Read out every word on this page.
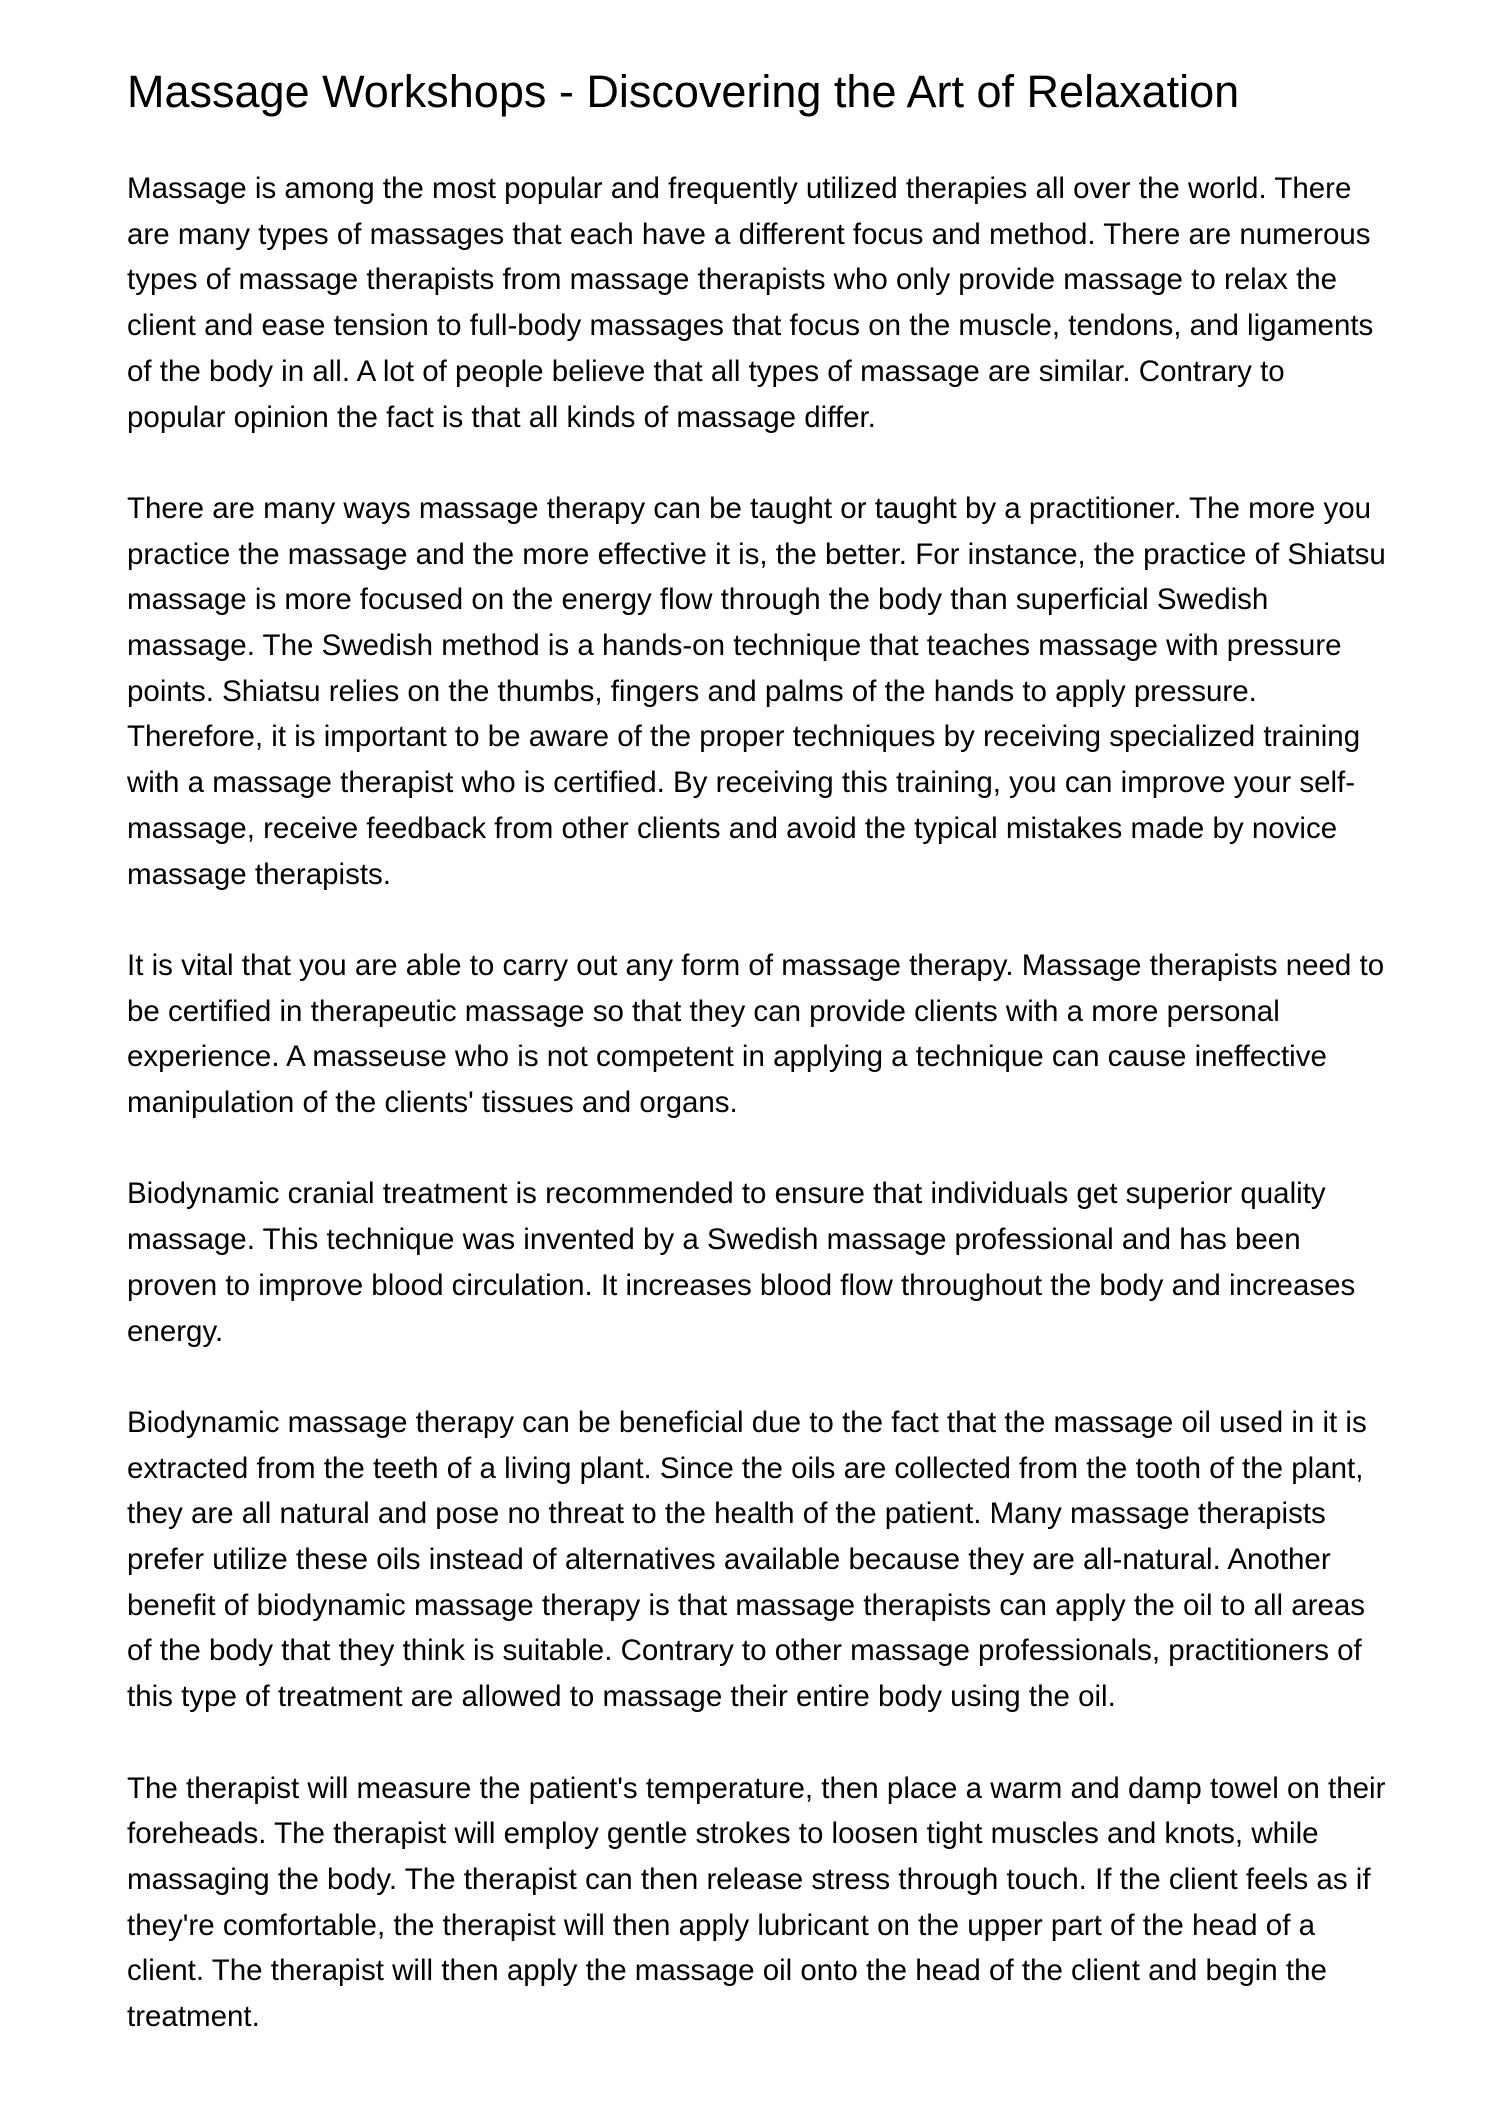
Massage Workshops - Discovering the Art of Relaxation

Massage is among the most popular and frequently utilized therapies all over the world. There are many types of massages that each have a different focus and method. There are numerous types of massage therapists from massage therapists who only provide massage to relax the client and ease tension to full-body massages that focus on the muscle, tendons, and ligaments of the body in all. A lot of people believe that all types of massage are similar. Contrary to popular opinion the fact is that all kinds of massage differ.

There are many ways massage therapy can be taught or taught by a practitioner. The more you practice the massage and the more effective it is, the better. For instance, the practice of Shiatsu massage is more focused on the energy flow through the body than superficial Swedish massage. The Swedish method is a hands-on technique that teaches massage with pressure points. Shiatsu relies on the thumbs, fingers and palms of the hands to apply pressure. Therefore, it is important to be aware of the proper techniques by receiving specialized training with a massage therapist who is certified. By receiving this training, you can improve your self-massage, receive feedback from other clients and avoid the typical mistakes made by novice massage therapists.

It is vital that you are able to carry out any form of massage therapy. Massage therapists need to be certified in therapeutic massage so that they can provide clients with a more personal experience. A masseuse who is not competent in applying a technique can cause ineffective manipulation of the clients' tissues and organs.

Biodynamic cranial treatment is recommended to ensure that individuals get superior quality massage. This technique was invented by a Swedish massage professional and has been proven to improve blood circulation. It increases blood flow throughout the body and increases energy.

Biodynamic massage therapy can be beneficial due to the fact that the massage oil used in it is extracted from the teeth of a living plant. Since the oils are collected from the tooth of the plant, they are all natural and pose no threat to the health of the patient. Many massage therapists prefer utilize these oils instead of alternatives available because they are all-natural. Another benefit of biodynamic massage therapy is that massage therapists can apply the oil to all areas of the body that they think is suitable. Contrary to other massage professionals, practitioners of this type of treatment are allowed to massage their entire body using the oil.

The therapist will measure the patient's temperature, then place a warm and damp towel on their foreheads. The therapist will employ gentle strokes to loosen tight muscles and knots, while massaging the body. The therapist can then release stress through touch. If the client feels as if they're comfortable, the therapist will then apply lubricant on the upper part of the head of a client. The therapist will then apply the massage oil onto the head of the client and begin the treatment.
